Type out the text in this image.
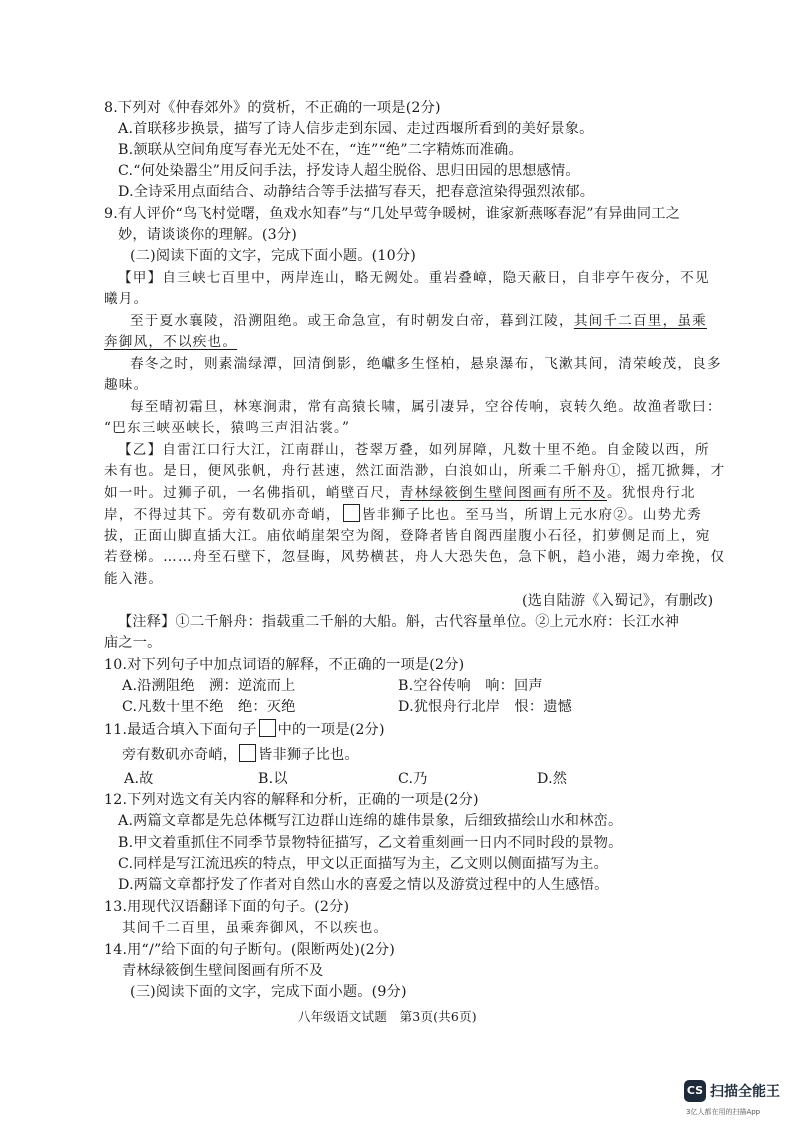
8.下列对《仲春郊外》的赏析，不正确的一项是(2分)
A.首联移步换景，描写了诗人信步走到东园、走过西堰所看到的美好景象。
B.颔联从空间角度写春光无处不在，“连”“绝”二字精炼而准确。
C.“何处染嚣尘”用反问手法，抒发诗人超尘脱俗、思归田园的思想感情。
D.全诗采用点面结合、动静结合等手法描写春天，把春意渲染得强烈浓郁。
9.有人评价“鸟飞村觉曙，鱼戏水知春”与“几处早莺争暖树，谁家新燕啄春泥”有异曲同工之
妙，请谈谈你的理解。(3分)
(二)阅读下面的文字，完成下面小题。(10分)
【甲】自三峡七百里中，两岸连山，略无阙处。重岩叠嶂，隐天蔽日，自非亭午夜分，不见
曦月。
至于夏水襄陵，沿溯阻绝。或王命急宣，有时朝发白帝，暮到江陵，其间千二百里，虽乘
奔御风，不以疾也。
春冬之时，则素湍绿潭，回清倒影，绝巘多生怪柏，悬泉瀑布，飞漱其间，清荣峻茂，良多
趣味。
每至晴初霜旦，林寒涧肃，常有高猿长啸，属引凄异，空谷传响，哀转久绝。故渔者歌曰：
“巴东三峡巫峡长，猿鸣三声泪沾裳。”
【乙】自雷江口行大江，江南群山，苍翠万叠，如列屏障，凡数十里不绝。自金陵以西，所
未有也。是日，便风张帆，舟行甚速，然江面浩渺，白浪如山，所乘二千斛舟①，摇兀掀舞，才
如一叶。过狮子矶，一名佛指矶，峭壁百尺，青林绿筱倒生壁间图画有所不及。犹恨舟行北
岸，不得过其下。旁有数矶亦奇峭， 皆非狮子比也。至马当，所谓上元水府②。山势尤秀
拔，正面山脚直插大江。庙依峭崖架空为阁，登降者皆自阁西崖腹小石径，扪萝侧足而上，宛
若登梯。……舟至石壁下，忽昼晦，风势横甚，舟人大恐失色，急下帆，趋小港，竭力牵挽，仅
能入港。
(选自陆游《入蜀记》，有删改)
【注释】①二千斛舟：指载重二千斛的大船。斛，古代容量单位。②上元水府：长江水神
庙之一。
10.对下列句子中加点词语的解释，不正确的一项是(2分)
A.沿溯阻绝　溯：逆流而上	B.空谷传响　响：回声
C.凡数十里不绝　绝：灭绝	D.犹恨舟行北岸　恨：遗憾
11.最适合填入下面句子 中的一项是(2分)
旁有数矶亦奇峭， 皆非狮子比也。
A.故	B.以	C.乃	D.然
12.下列对选文有关内容的解释和分析，正确的一项是(2分)
A.两篇文章都是先总体概写江边群山连绵的雄伟景象，后细致描绘山水和林峦。
B.甲文着重抓住不同季节景物特征描写，乙文着重刻画一日内不同时段的景物。
C.同样是写江流迅疾的特点，甲文以正面描写为主，乙文则以侧面描写为主。
D.两篇文章都抒发了作者对自然山水的喜爱之情以及游赏过程中的人生感悟。
13.用现代汉语翻译下面的句子。(2分)
其间千二百里，虽乘奔御风，不以疾也。
14.用“/”给下面的句子断句。(限断两处)(2分)
青林绿筱倒生壁间图画有所不及
(三)阅读下面的文字，完成下面小题。(9分)
八年级语文试题　第3页(共6页)
CS 扫描全能王
3亿人都在用的扫描App
